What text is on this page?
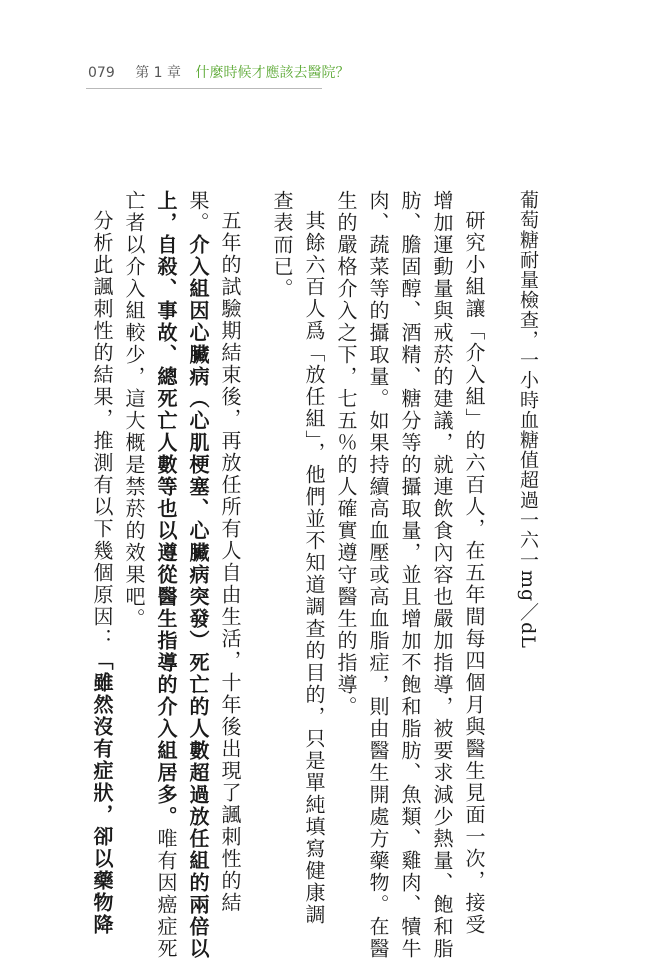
079 第 1 章 什麼時候才應該去醫院？
葡萄糖耐量檢查，一小時血糖值超過一六一mg／dL
研究小組讓「介入組」的六百人，在五年間每四個月與醫生見面一次，接受
增加運動量與戒菸的建議，就連飲食內容也嚴加指導，被要求減少熱量、飽和脂
肪、膽固醇、酒精、糖分等的攝取量，並且增加不飽和脂肪、魚類、雞肉、犢牛
肉、蔬菜等的攝取量。如果持續高血壓或高血脂症，則由醫生開處方藥物。在醫
生的嚴格介入之下，七五％的人確實遵守醫生的指導。
其餘六百人爲「放任組」，他們並不知道調查的目的，只是單純填寫健康調
查表而已。
五年的試驗期結束後，再放任所有人自由生活，十年後出現了諷刺性的結
果。介入組因心臟病（心肌梗塞、心臟病突發）死亡的人數超過放任組的兩倍以
上，自殺、事故、總死亡人數等也以遵從醫生指導的介入組居多。唯有因癌症死
亡者以介入組較少，這大概是禁菸的效果吧。
分析此諷刺性的結果，推測有以下幾個原因：「雖然沒有症狀，卻以藥物降
